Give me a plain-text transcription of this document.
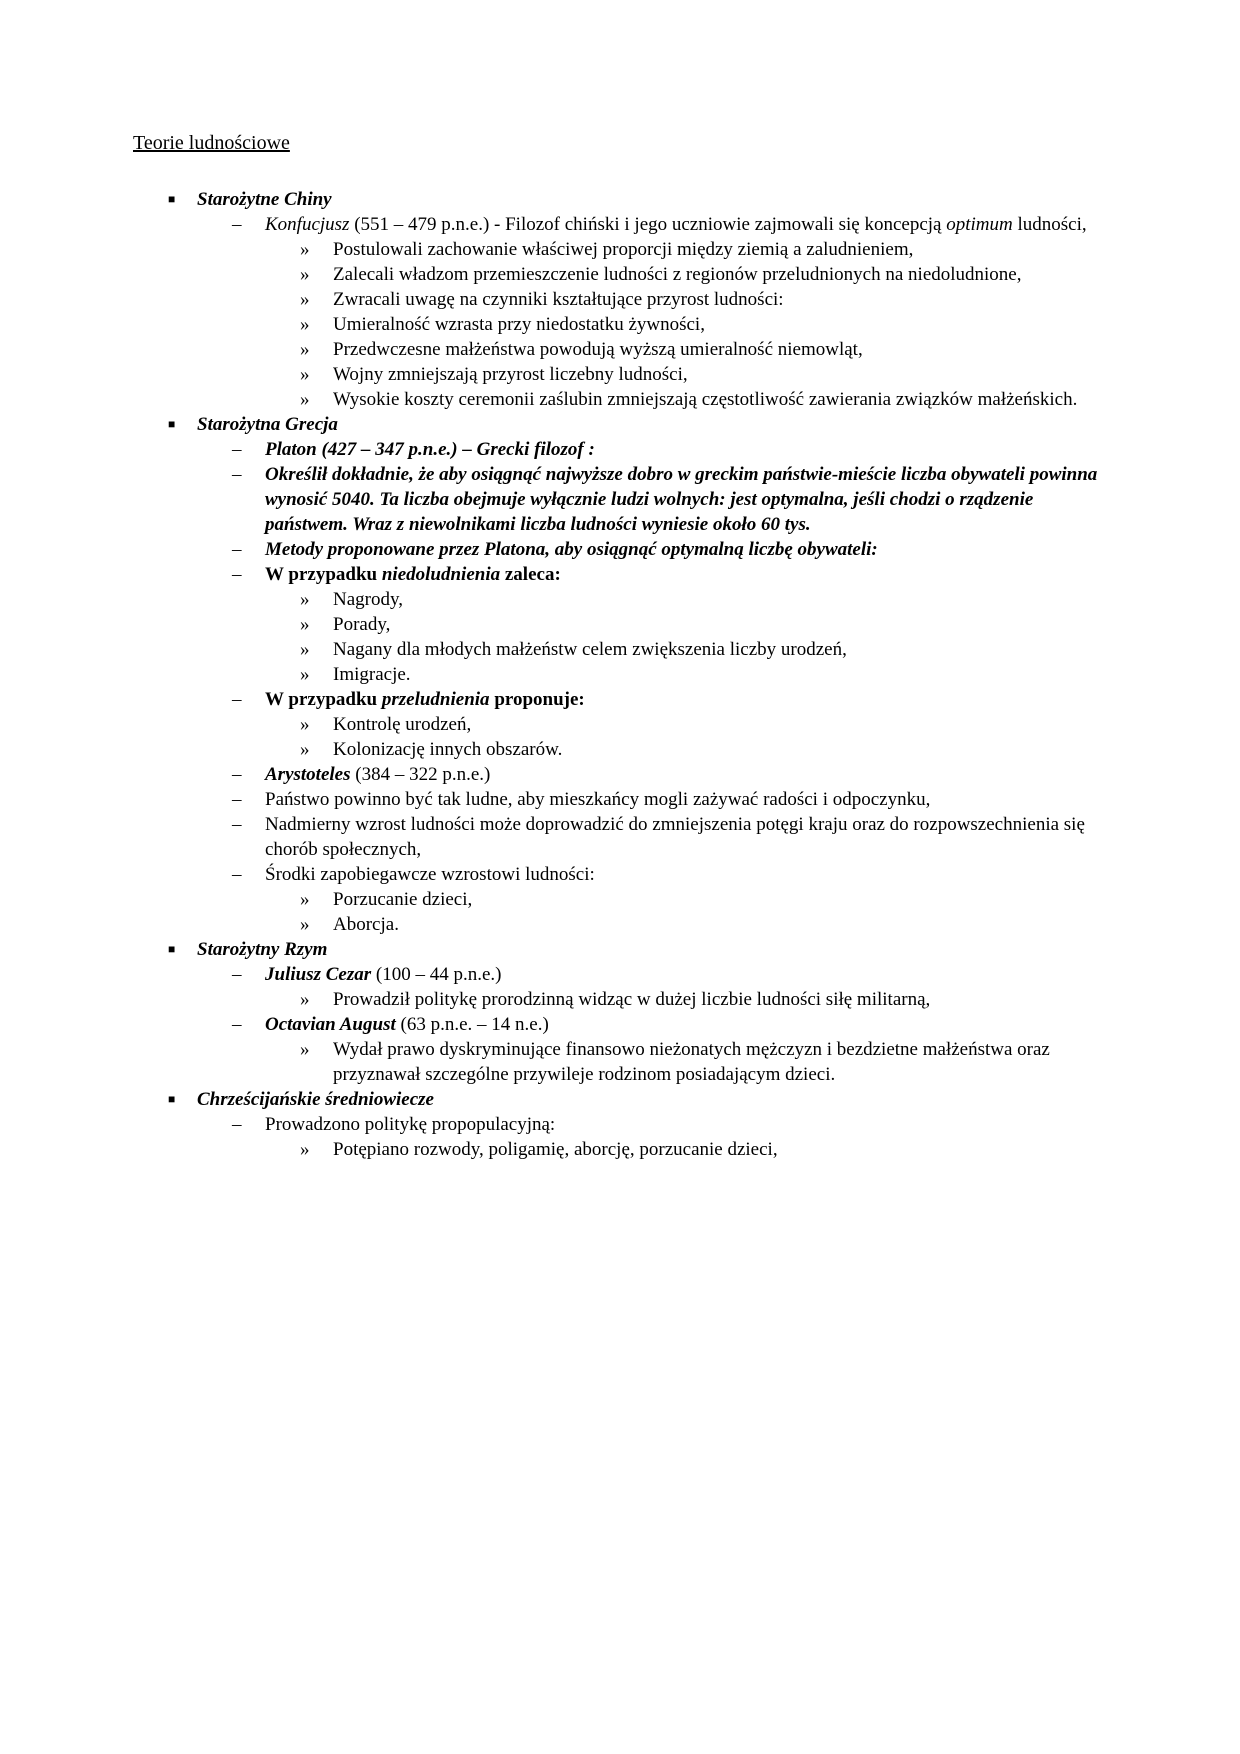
Teorie ludnościowe
■	Starożytne Chiny
–	Konfucjusz (551 – 479 p.n.e.) - Filozof chiński i jego uczniowie zajmowali się koncepcją optimum ludności,
»	Postulowali zachowanie właściwej proporcji między ziemią a zaludnieniem,
»	Zalecali władzom przemieszczenie ludności z regionów przeludnionych na niedoludnione,
»	Zwracali uwagę na czynniki kształtujące przyrost ludności:
»	Umieralność wzrasta przy niedostatku żywności,
»	Przedwczesne małżeństwa powodują wyższą umieralność niemowląt,
»	Wojny zmniejszają przyrost liczebny ludności,
»	Wysokie koszty ceremonii zaślubin zmniejszają częstotliwość zawierania związków małżeńskich.
■	Starożytna Grecja
–	Platon (427 – 347 p.n.e.) – Grecki filozof :
–	Określił dokładnie, że aby osiągnąć najwyższe dobro w greckim państwie-mieście liczba obywateli powinna wynosić 5040. Ta liczba obejmuje wyłącznie ludzi wolnych: jest optymalna, jeśli chodzi o rządzenie państwem. Wraz z niewolnikami liczba ludności wyniesie około 60 tys.
–	Metody proponowane przez Platona, aby osiągnąć optymalną liczbę obywateli:
–	W przypadku niedoludnienia zaleca:
»	Nagrody,
»	Porady,
»	Nagany dla młodych małżeństw celem zwiększenia liczby urodzeń,
»	Imigracje.
–	W przypadku przeludnienia proponuje:
»	Kontrolę urodzeń,
»	Kolonizację innych obszarów.
–	Arystoteles (384 – 322 p.n.e.)
–	Państwo powinno być tak ludne, aby mieszkańcy mogli zażywać radości i odpoczynku,
–	Nadmierny wzrost ludności może doprowadzić do zmniejszenia potęgi kraju oraz do rozpowszechnienia się chorób społecznych,
–	Środki zapobiegawcze wzrostowi ludności:
»	Porzucanie dzieci,
»	Aborcja.
■	Starożytny Rzym
–	Juliusz Cezar (100 – 44 p.n.e.)
»	Prowadził politykę prorodzinną widząc w dużej liczbie ludności siłę militarną,
–	Octavian August (63 p.n.e. – 14 n.e.)
»	Wydał prawo dyskryminujące finansowo nieżonatych mężczyzn i bezdzietne małżeństwa oraz przyznawał szczególne przywileje rodzinom posiadającym dzieci.
■	Chrześcijańskie średniowiecze
–	Prowadzono politykę propopulacyjną:
»	Potępiano rozwody, poligamię, aborcję, porzucanie dzieci,
